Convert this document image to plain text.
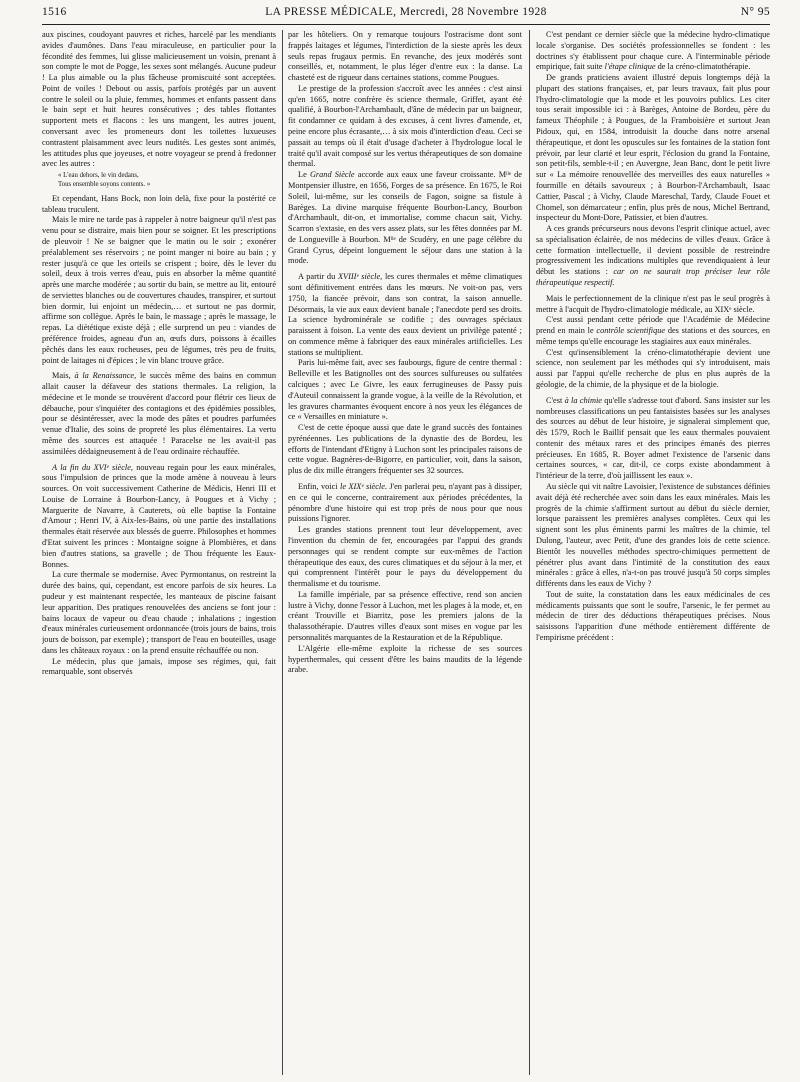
1516	LA PRESSE MÉDICALE, Mercredi, 28 Novembre 1928	N° 95

aux piscines, coudoyant pauvres et riches, harcelé par les mendiants avides d'aumônes. Dans l'eau miraculeuse, en particulier pour la fécondité des femmes, lui glisse malicieusement un voisin, prenant à son compte le mot de Pogge, les sexes sont mélangés. Aucune pudeur ! La plus aimable ou la plus fâcheuse promiscuité sont acceptées. Point de voiles ! Debout ou assis, parfois protégés par un auvent contre le soleil ou la pluie, femmes, hommes et enfants passent dans le bain sept et huit heures consécutives ; des tables flottantes supportent mets et flacons : les uns mangent, les autres jouent, conversant avec les promeneurs dont les toilettes luxueuses contrastent plaisamment avec leurs nudités. Les gestes sont animés, les attitudes plus que joyeuses, et notre voyageur se prend à fredonner avec les autres :

« L'eau dehors, le vin dedans,
Tous ensemble soyons contents. »

Et cependant, Hans Bock, non loin delà, fixe pour la postérité ce tableau truculent.

Mais le mire ne tarde pas à rappeler à notre baigneur qu'il n'est pas venu pour se distraire, mais bien pour se soigner. Et les prescriptions de pleuvoir ! Ne se baigner que le matin ou le soir ; exonérer préalablement ses réservoirs ; ne point manger ni boire au bain ; y rester jusqu'à ce que les orteils se crispent ; boire, dès le lever du soleil, deux à trois verres d'eau, puis en absorber la même quantité après une marche modérée ; au sortir du bain, se mettre au lit, entouré de serviettes blanches ou de couvertures chaudes, transpirer, et surtout bien dormir, lui enjoint un médecin,… et surtout ne pas dormir, affirme son collègue. Après le bain, le massage ; après le massage, le repas. La diététique existe déjà ; elle surprend un peu : viandes de préférence froides, agneau d'un an, œufs durs, poissons à écailles pêchés dans les eaux rocheuses, peu de légumes, très peu de fruits, point de laitages ni d'épices ; le vin blanc trouve grâce.

Mais, à la Renaissance, le succès même des bains en commun allait causer la défaveur des stations thermales. La religion, la médecine et le monde se trouvèrent d'accord pour flétrir ces lieux de débauche, pour s'inquiéter des contagions et des épidémies possibles, pour se désintéresser, avec la mode des pâtes et poudres parfumées venue d'Italie, des soins de propreté les plus élémentaires. La vertu même des sources est attaquée ! Paracelse ne les avait-il pas assimilées dédaigneusement à de l'eau ordinaire réchauffée.

A la fin du XVIᵉ siècle, nouveau regain pour les eaux minérales, sous l'impulsion de princes que la mode amène à nouveau à leurs sources. On voit successivement Catherine de Médicis, Henri III et Louise de Lorraine à Bourbon-Lancy, à Pougues et à Vichy ; Marguerite de Navarre, à Cauterets, où elle baptise la Fontaine d'Amour ; Henri IV, à Aix-les-Bains, où une partie des installations thermales était réservée aux blessés de guerre. Philosophes et hommes d'Etat suivent les princes : Montaigne soigne à Plombières, et dans bien d'autres stations, sa gravelle ; de Thou fréquente les Eaux-Bonnes.

La cure thermale se modernise. Avec Pyrmontanus, on restreint la durée des bains, qui, cependant, est encore parfois de six heures. La pudeur y est maintenant respectée, les manteaux de piscine faisant leur apparition. Des pratiques renouvelées des anciens se font jour : bains locaux de vapeur ou d'eau chaude ; inhalations ; ingestion d'eaux minérales curieusement ordonnancée (trois jours de bains, trois jours de boisson, par exemple) ; transport de l'eau en bouteilles, usage dans les châteaux royaux : on la prend ensuite réchauffée ou non.

Le médecin, plus que jamais, impose ses régimes, qui, fait remarquable, sont observés

par les hôteliers. On y remarque toujours l'ostracisme dont sont frappés laitages et légumes, l'interdiction de la sieste après les deux seuls repas frugaux permis. En revanche, des jeux modérés sont conseillés, et, notamment, le plus léger d'entre eux : la danse. La chasteté est de rigueur dans certaines stations, comme Pougues.

Le prestige de la profession s'accroît avec les années : c'est ainsi qu'en 1665, notre confrère ès science thermale, Griffet, ayant été qualifié, à Bourbon-l'Archambault, d'âne de médecin par un baigneur, fit condamner ce quidam à des excuses, à cent livres d'amende, et, peine encore plus écrasante,… à six mois d'interdiction d'eau. Ceci se passait au temps où il était d'usage d'acheter à l'hydrologue local le traité qu'il avait composé sur les vertus thérapeutiques de son domaine thermal.

Le Grand Siècle accorde aux eaux une faveur croissante. Mˡˡᵉ de Montpensier illustre, en 1656, Forges de sa présence. En 1675, le Roi Soleil, lui-même, sur les conseils de Fagon, soigne sa fistule à Barèges. La divine marquise fréquente Bourbon-Lancy, Bourbon d'Archambault, dit-on, et immortalise, comme chacun sait, Vichy. Scarron s'extasie, en des vers assez plats, sur les fêtes données par M. de Longueville à Bourbon. Mˡˡᵉ de Scudéry, en une page célèbre du Grand Cyrus, dépeint longuement le séjour dans une station à la mode.

A partir du XVIIIᵉ siècle, les cures thermales et même climatiques sont définitivement entrées dans les mœurs. Ne voit-on pas, vers 1750, la fiancée prévoir, dans son contrat, la saison annuelle. Désormais, la vie aux eaux devient banale ; l'anecdote perd ses droits. La science hydrominérale se codifie ; des ouvrages spéciaux paraissent à foison. La vente des eaux devient un privilège patenté ; on commence même à fabriquer des eaux minérales artificielles. Les stations se multiplient.

Paris lui-même fait, avec ses faubourgs, figure de centre thermal : Belleville et les Batignolles ont des sources sulfureuses ou sulfatées calciques ; avec Le Givre, les eaux ferrugineuses de Passy puis d'Auteuil connaissent la grande vogue, à la veille de la Révolution, et les gravures charmantes évoquent encore à nos yeux les élégances de ce « Versailles en miniature ».

C'est de cette époque aussi que date le grand succès des fontaines pyrénéennes. Les publications de la dynastie des de Bordeu, les efforts de l'intendant d'Etigny à Luchon sont les principales raisons de cette vogue. Bagnères-de-Bigorre, en particulier, voit, dans la saison, plus de dix mille étrangers fréquenter ses 32 sources.

Enfin, voici le XIXᵉ siècle. J'en parlerai peu, n'ayant pas à dissiper, en ce qui le concerne, contrairement aux périodes précédentes, la pénombre d'une histoire qui est trop près de nous pour que nous puissions l'ignorer.

Les grandes stations prennent tout leur développement, avec l'invention du chemin de fer, encouragées par l'appui des grands personnages qui se rendent compte sur eux-mêmes de l'action thérapeutique des eaux, des cures climatiques et du séjour à la mer, et qui comprennent l'intérêt pour le pays du développement du thermalisme et du tourisme.

La famille impériale, par sa présence effective, rend son ancien lustre à Vichy, donne l'essor à Luchon, met les plages à la mode, et, en créant Trouville et Biarritz, pose les premiers jalons de la thalassothérapie. D'autres villes d'eaux sont mises en vogue par les personnalités marquantes de la Restauration et de la République.

L'Algérie elle-même exploite la richesse de ses sources hyperthermales, qui cessent d'être les bains maudits de la légende arabe.

C'est pendant ce dernier siècle que la médecine hydro-climatique locale s'organise. Des sociétés professionnelles se fondent : les doctrines s'y établissent pour chaque cure. A l'interminable période empirique, fait suite l'étape clinique de la créno-climatothérapie.

De grands praticiens avaient illustré depuis longtemps déjà la plupart des stations françaises, et, par leurs travaux, fait plus pour l'hydro-climatologie que la mode et les pouvoirs publics. Les citer tous serait impossible ici : à Barèges, Antoine de Bordeu, père du fameux Théophile ; à Pougues, de la Framboisière et surtout Jean Pidoux, qui, en 1584, introduisit la douche dans notre arsenal thérapeutique, et dont les opuscules sur les fontaines de la station font prévoir, par leur clarté et leur esprit, l'éclosion du grand la Fontaine, son petit-fils, semble-t-il ; en Auvergne, Jean Banc, dont le petit livre sur « La mémoire renouvellée des merveilles des eaux naturelles » fourmille en détails savoureux ; à Bourbon-l'Archambault, Isaac Cattier, Pascal ; à Vichy, Claude Mareschal, Tardy, Claude Fouet et Chomel, son démarcateur ; enfin, plus près de nous, Michel Bertrand, inspecteur du Mont-Dore, Patissier, et bien d'autres.

A ces grands précurseurs nous devons l'esprit clinique actuel, avec sa spécialisation éclairée, de nos médecins de villes d'eaux. Grâce à cette formation intellectuelle, il devient possible de restreindre progressivement les indications multiples que revendiquaient à leur début les stations : car on ne saurait trop préciser leur rôle thérapeutique respectif.

Mais le perfectionnement de la clinique n'est pas le seul progrès à mettre à l'acquit de l'hydro-climatologie médicale, au XIXᵉ siècle.

C'est aussi pendant cette période que l'Académie de Médecine prend en main le contrôle scientifique des stations et des sources, en même temps qu'elle encourage les stagiaires aux eaux minérales.

C'est qu'insensiblement la créno-climatothérapie devient une science, non seulement par les méthodes qui s'y introduisent, mais aussi par l'appui qu'elle recherche de plus en plus auprès de la géologie, de la chimie, de la physique et de la biologie.

C'est à la chimie qu'elle s'adresse tout d'abord. Sans insister sur les nombreuses classifications un peu fantaisistes basées sur les analyses des sources au début de leur histoire, je signalerai simplement que, dès 1579, Roch le Baillif pensait que les eaux thermales pouvaient contenir des métaux rares et des principes émanés des pierres précieuses. En 1685, R. Boyer admet l'existence de l'arsenic dans certaines sources, « car, dit-il, ce corps existe abondamment à l'intérieur de la terre, d'où jaillissent les eaux ».

Au siècle qui vit naître Lavoisier, l'existence de substances définies avait déjà été recherchée avec soin dans les eaux minérales. Mais les progrès de la chimie s'affirment surtout au début du siècle dernier, lorsque paraissent les premières analyses complètes. Ceux qui les signent sont les plus éminents parmi les maîtres de la chimie, tel Dulong, l'auteur, avec Petit, d'une des grandes lois de cette science. Bientôt les nouvelles méthodes spectro-chimiques permettent de pénétrer plus avant dans l'intimité de la constitution des eaux minérales : grâce à elles, n'a-t-on pas trouvé jusqu'à 50 corps simples différents dans les eaux de Vichy ?

Tout de suite, la constatation dans les eaux médicinales de ces médicaments puissants que sont le soufre, l'arsenic, le fer permet au médecin de tirer des déductions thérapeutiques précises. Nous saisissons l'apparition d'une méthode entièrement différente de l'empirisme précédent :
